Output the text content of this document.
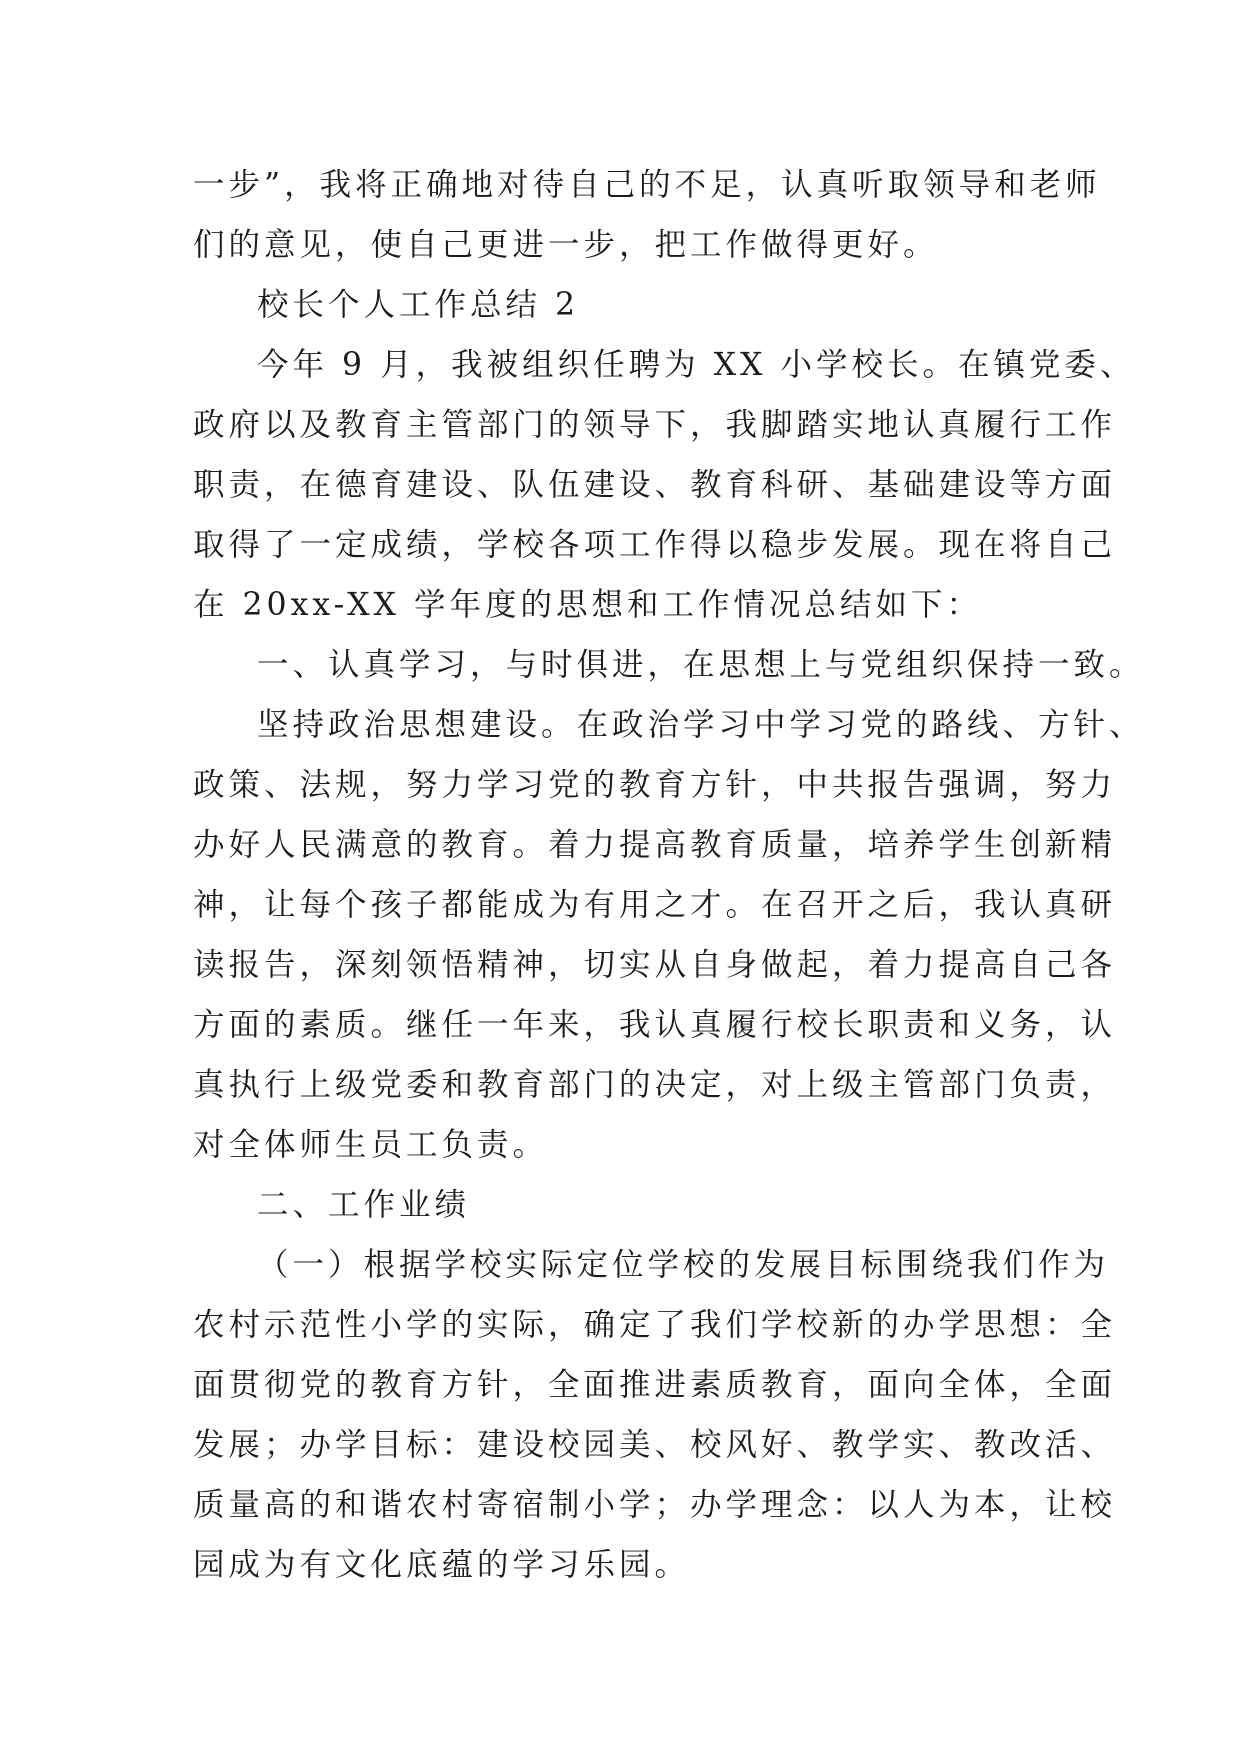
一步”，我将正确地对待自己的不足，认真听取领导和老师
们的意见，使自己更进一步，把工作做得更好。
校长个人工作总结 2
今年 9 月，我被组织任聘为 XX 小学校长。在镇党委、
政府以及教育主管部门的领导下，我脚踏实地认真履行工作
职责，在德育建设、队伍建设、教育科研、基础建设等方面
取得了一定成绩，学校各项工作得以稳步发展。现在将自己
在 20xx-XX 学年度的思想和工作情况总结如下：
一、认真学习，与时俱进，在思想上与党组织保持一致。
坚持政治思想建设。在政治学习中学习党的路线、方针、
政策、法规，努力学习党的教育方针，中共报告强调，努力
办好人民满意的教育。着力提高教育质量，培养学生创新精
神，让每个孩子都能成为有用之才。在召开之后，我认真研
读报告，深刻领悟精神，切实从自身做起，着力提高自己各
方面的素质。继任一年来，我认真履行校长职责和义务，认
真执行上级党委和教育部门的决定，对上级主管部门负责，
对全体师生员工负责。
二、工作业绩
（一）根据学校实际定位学校的发展目标围绕我们作为
农村示范性小学的实际，确定了我们学校新的办学思想：全
面贯彻党的教育方针，全面推进素质教育，面向全体，全面
发展；办学目标：建设校园美、校风好、教学实、教改活、
质量高的和谐农村寄宿制小学；办学理念：以人为本，让校
园成为有文化底蕴的学习乐园。
